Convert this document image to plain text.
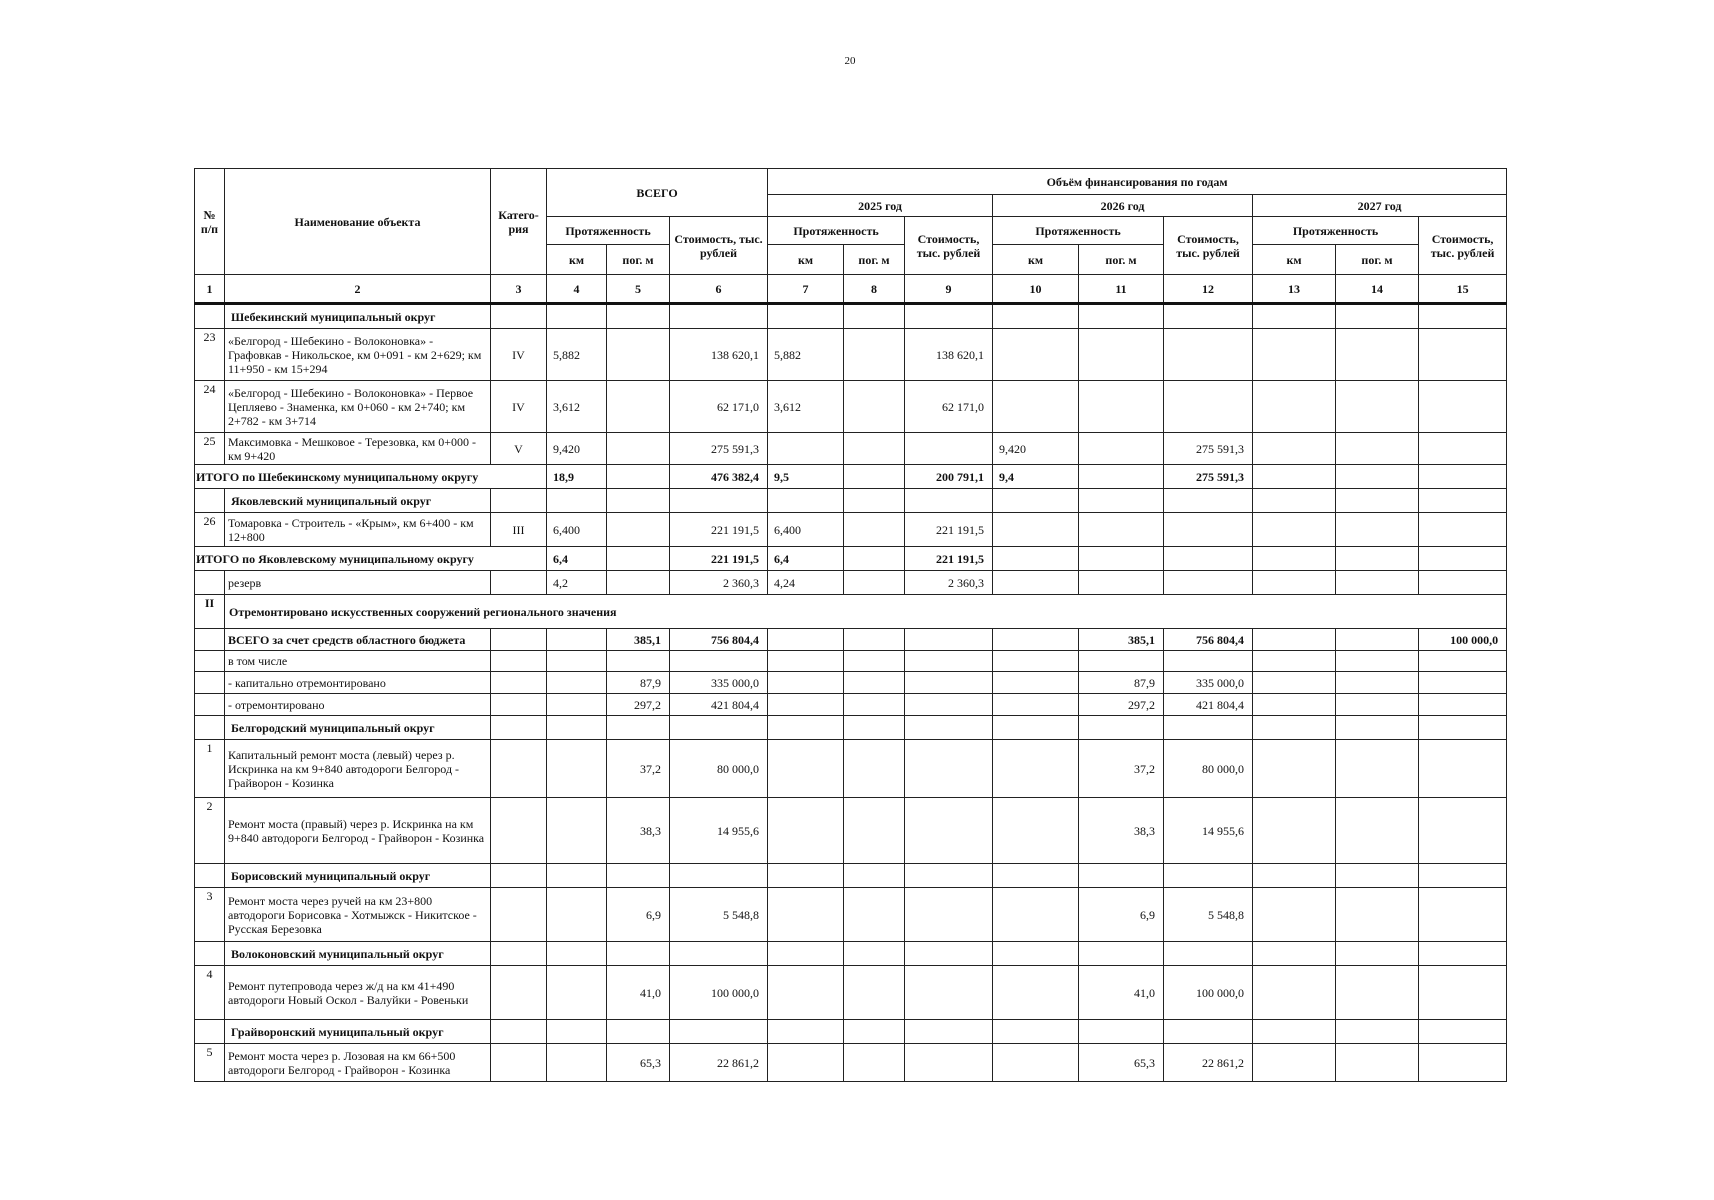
20
№ п/п	Наименование объекта	Катего-рия	ВСЕГО			Объём финансирования по годам								
						2025 год			2026 год			2027 год		
			Протяженность		Стоимость, тыс. рублей	Протяженность		Стоимость, тыс. рублей	Протяженность		Стоимость, тыс. рублей	Протяженность		Стоимость, тыс. рублей
			км	пог. м		км	пог. м		км	пог. м		км	пог. м	
1	2	3	4	5	6	7	8	9	10	11	12	13	14	15
	Шебекинский муниципальный округ													
23	«Белгород - Шебекино - Волоконовка» - Графовкав - Никольское, км 0+091 - км 2+629; км 11+950 - км 15+294	IV	5,882		138 620,1	5,882		138 620,1						
24	«Белгород - Шебекино - Волоконовка» - Первое Цепляево - Знаменка, км 0+060 - км 2+740; км 2+782 - км 3+714	IV	3,612		62 171,0	3,612		62 171,0						
25	Максимовка - Мешковое - Терезовка, км 0+000 - км 9+420	V	9,420		275 591,3				9,420		275 591,3			
ИТОГО по Шебекинскому муниципальному округу			18,9		476 382,4	9,5		200 791,1	9,4		275 591,3			
	Яковлевский муниципальный округ													
26	Томаровка - Строитель - «Крым», км 6+400 - км 12+800	III	6,400		221 191,5	6,400		221 191,5						
ИТОГО по Яковлевскому муниципальному округу			6,4		221 191,5	6,4		221 191,5						
	резерв		4,2		2 360,3	4,24		2 360,3						
II	Отремонтировано искусственных сооружений регионального значения													
	ВСЕГО за счет средств областного бюджета			385,1	756 804,4					385,1	756 804,4			100 000,0
	в том числе													
	- капитально отремонтировано			87,9	335 000,0					87,9	335 000,0			
	- отремонтировано			297,2	421 804,4					297,2	421 804,4			
	Белгородский муниципальный округ													
1	Капитальный ремонт моста (левый) через р. Искринка на км 9+840 автодороги Белгород - Грайворон - Козинка			37,2	80 000,0					37,2	80 000,0			
2	Ремонт моста (правый) через р. Искринка на км 9+840 автодороги Белгород - Грайворон - Козинка			38,3	14 955,6					38,3	14 955,6			
	Борисовский муниципальный округ													
3	Ремонт моста через ручей на км 23+800 автодороги Борисовка - Хотмыжск - Никитское - Русская Березовка			6,9	5 548,8					6,9	5 548,8			
	Волоконовский муниципальный округ													
4	Ремонт путепровода через ж/д на км 41+490 автодороги Новый Оскол - Валуйки - Ровеньки			41,0	100 000,0					41,0	100 000,0			
	Грайворонский муниципальный округ													
5	Ремонт моста через р. Лозовая на км 66+500 автодороги Белгород - Грайворон - Козинка			65,3	22 861,2					65,3	22 861,2			
